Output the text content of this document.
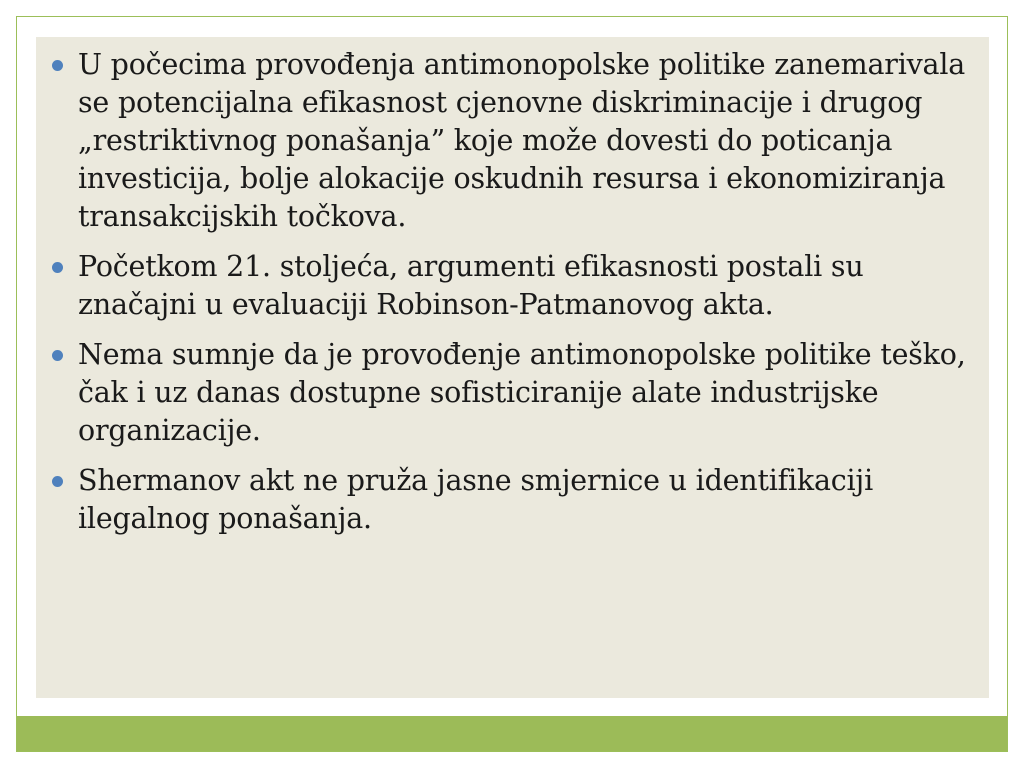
U počecima provođenja antimonopolske politike zanemarivala se potencijalna efikasnost cjenovne diskriminacije i drugog „restriktivnog ponašanja” koje može dovesti do poticanja investicija, bolje alokacije oskudnih resursa i ekonomiziranja transakcijskih točkova.
Početkom 21. stoljeća, argumenti efikasnosti postali su značajni u evaluaciji Robinson-Patmanovog akta.
Nema sumnje da je provođenje antimonopolske politike teško, čak i uz danas dostupne sofisticiranije alate industrijske organizacije.
Shermanov akt ne pruža jasne smjernice u identifikaciji ilegalnog ponašanja.
